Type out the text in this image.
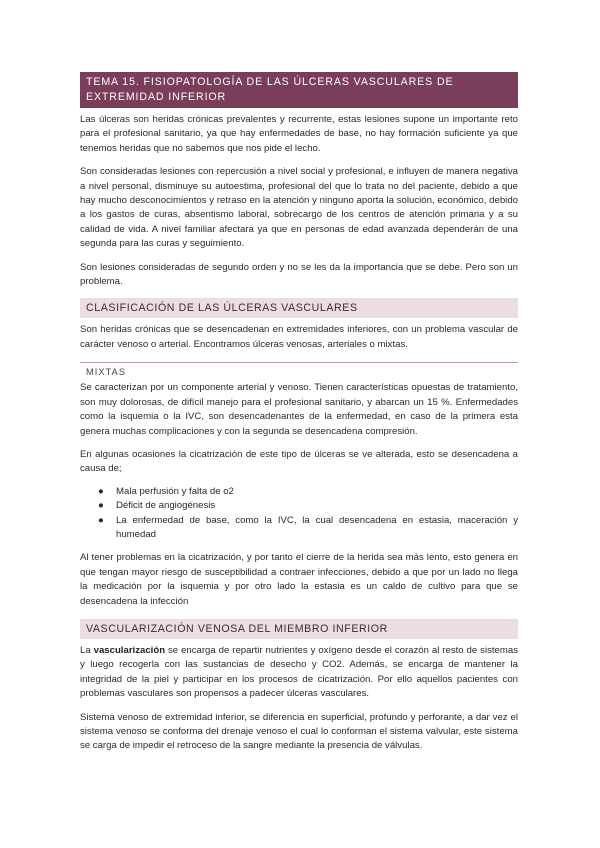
TEMA 15. FISIOPATOLOGÍA DE LAS ÚLCERAS VASCULARES DE EXTREMIDAD INFERIOR

Las úlceras son heridas crónicas prevalentes y recurrente, estas lesiones supone un importante reto para el profesional sanitario, ya que hay enfermedades de base, no hay formación suficiente ya que tenemos heridas que no sabemos que nos pide el lecho.

Son consideradas lesiones con repercusión a nivel social y profesional, e influyen de manera negativa a nivel personal, disminuye su autoestima, profesional del que lo trata no del paciente, debido a que hay mucho desconocimientos y retraso en la atención y ninguno aporta la solución, económico, debido a los gastos de curas, absentismo laboral, sobrecargo de los centros de atención primaria y a su calidad de vida. A nivel familiar afectara ya que en personas de edad avanzada dependerán de una segunda para las curas y seguimiento.

Son lesiones consideradas de segundo orden y no se les da la importancia que se debe. Pero son un problema.

CLASIFICACIÓN DE LAS ÚLCERAS VASCULARES

Son heridas crónicas que se desencadenan en extremidades inferiores, con un problema vascular de carácter venoso o arterial. Encontramos úlceras venosas, arteriales o mixtas.

MIXTAS

Se caracterizan por un componente arterial y venoso. Tienen características opuestas de tratamiento, son muy dolorosas, de difícil manejo para el profesional sanitario, y abarcan un 15 %. Enfermedades como la isquemia o la IVC, son desencadenantes de la enfermedad, en caso de la primera esta genera muchas complicaciones y con la segunda se desencadena compresión.

En algunas ocasiones la cicatrización de este tipo de úlceras se ve alterada, esto se desencadena a causa de;

● Mala perfusión y falta de o2
● Déficit de angiogénesis
● La enfermedad de base, como la IVC, la cual desencadena en estasia, maceración y humedad

Al tener problemas en la cicatrización, y por tanto el cierre de la herida sea más lento, esto genera en que tengan mayor riesgo de susceptibilidad a contraer infecciones, debido a que por un lado no llega la medicación por la isquemia y por otro lado la estasia es un caldo de cultivo para que se desencadena la infección

VASCULARIZACIÓN VENOSA DEL MIEMBRO INFERIOR

La vascularización se encarga de repartir nutrientes y oxígeno desde el corazón al resto de sistemas y luego recogerla con las sustancias de desecho y CO2. Además, se encarga de mantener la integridad de la piel y participar en los procesos de cicatrización. Por ello aquellos pacientes con problemas vasculares son propensos a padecer úlceras vasculares.

Sistema venoso de extremidad inferior, se diferencia en superficial, profundo y perforante, a dar vez el sistema venoso se conforma del drenaje venoso el cual lo conforman el sistema valvular, este sistema se carga de impedir el retroceso de la sangre mediante la presencia de válvulas.
